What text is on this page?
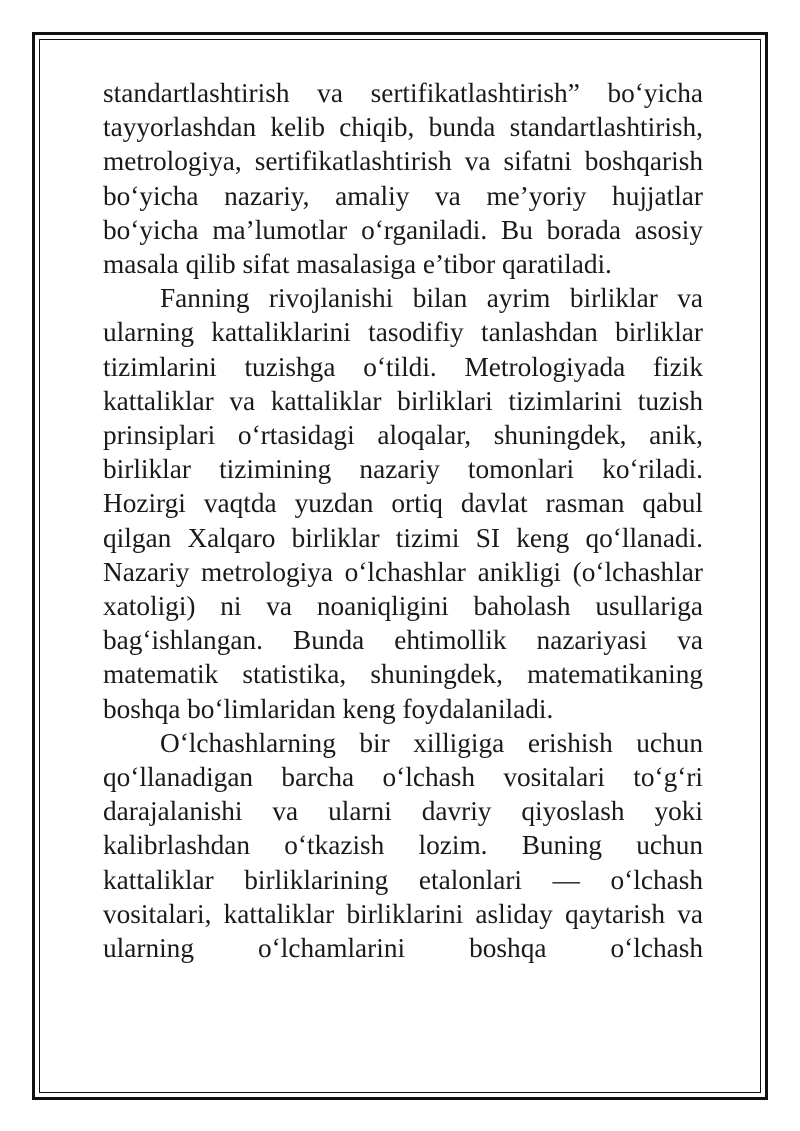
standartlashtirish va sertifikatlashtirish” bo‘yicha tayyorlashdan kelib chiqib, bunda standartlashtirish, metrologiya, sertifikatlashtirish va sifatni boshqarish bo‘yicha nazariy, amaliy va me’yoriy hujjatlar bo‘yicha ma’lumotlar o‘rganiladi. Bu borada asosiy masala qilib sifat masalasiga e’tibor qaratiladi.

Fanning rivojlanishi bilan ayrim birliklar va ularning kattaliklarini tasodifiy tanlashdan birliklar tizimlarini tuzishga o‘tildi. Metrologiyada fizik kattaliklar va kattaliklar birliklari tizimlarini tuzish prinsiplari o‘rtasidagi aloqalar, shuningdek, anik, birliklar tizimining nazariy tomonlari ko‘riladi. Hozirgi vaqtda yuzdan ortiq davlat rasman qabul qilgan Xalqaro birliklar tizimi SI keng qo‘llanadi. Nazariy metrologiya o‘lchashlar anikligi (o‘lchashlar xatoligi) ni va noaniqligini baholash usullariga bag‘ishlangan. Bunda ehtimollik nazariyasi va matematik statistika, shuningdek, matematikaning boshqa bo‘limlaridan keng foydalaniladi.

O‘lchashlarning bir xilligiga erishish uchun qo‘llanadigan barcha o‘lchash vositalari to‘g‘ri darajalanishi va ularni davriy qiyoslash yoki kalibrlashdan o‘tkazish lozim. Buning uchun kattaliklar birliklarining etalonlari — o‘lchash vositalari, kattaliklar birliklarini asliday qaytarish va ularning o‘lchamlarini boshqa o‘lchash
